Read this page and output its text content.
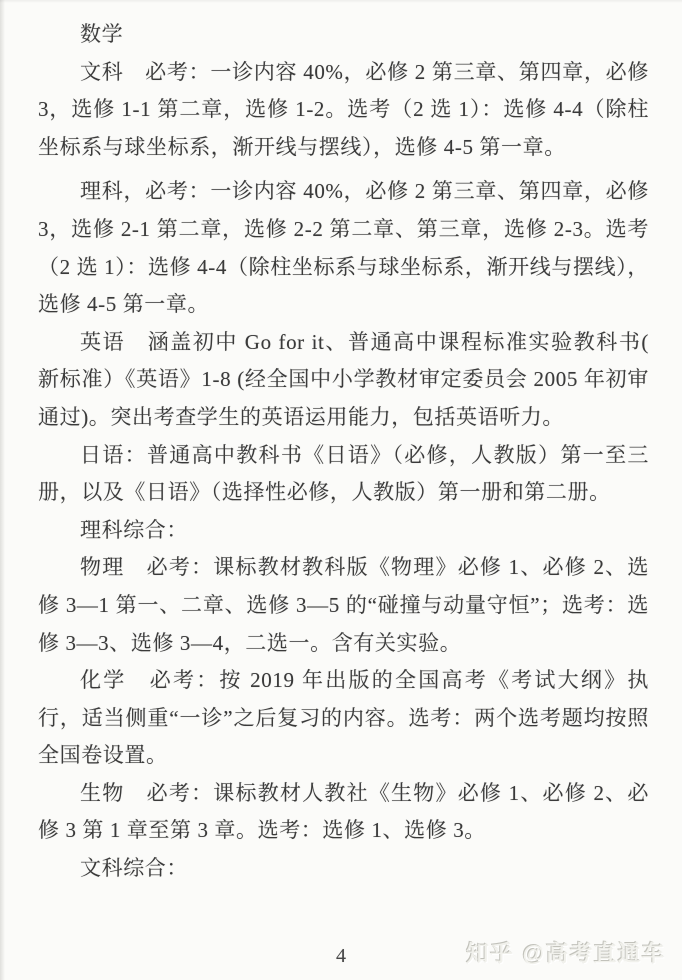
数学

文科　必考：一诊内容 40%，必修 2 第三章、第四章，必修 3，选修 1-1 第二章，选修 1-2。选考（2 选 1）：选修 4-4（除柱坐标系与球坐标系，渐开线与摆线），选修 4-5 第一章。

理科，必考：一诊内容 40%，必修 2 第三章、第四章，必修 3，选修 2-1 第二章，选修 2-2 第二章、第三章，选修 2-3。选考（2 选 1）：选修 4-4（除柱坐标系与球坐标系，渐开线与摆线），选修 4-5 第一章。

英语　涵盖初中 Go for it、普通高中课程标准实验教科书( 新标准）《英语》1-8 (经全国中小学教材审定委员会 2005 年初审通过)。突出考查学生的英语运用能力，包括英语听力。

日语：普通高中教科书《日语》（必修，人教版）第一至三册，以及《日语》（选择性必修，人教版）第一册和第二册。

理科综合：

物理　必考：课标教材教科版《物理》必修 1、必修 2、选修 3—1 第一、二章、选修 3—5 的“碰撞与动量守恒”；选考：选修 3—3、选修 3—4，二选一。含有关实验。

化学　必考：按 2019 年出版的全国高考《考试大纲》执行，适当侧重“一诊”之后复习的内容。选考：两个选考题均按照全国卷设置。

生物　必考：课标教材人教社《生物》必修 1、必修 2、必修 3 第 1 章至第 3 章。选考：选修 1、选修 3。

文科综合：

4	知乎 @高考直通车
